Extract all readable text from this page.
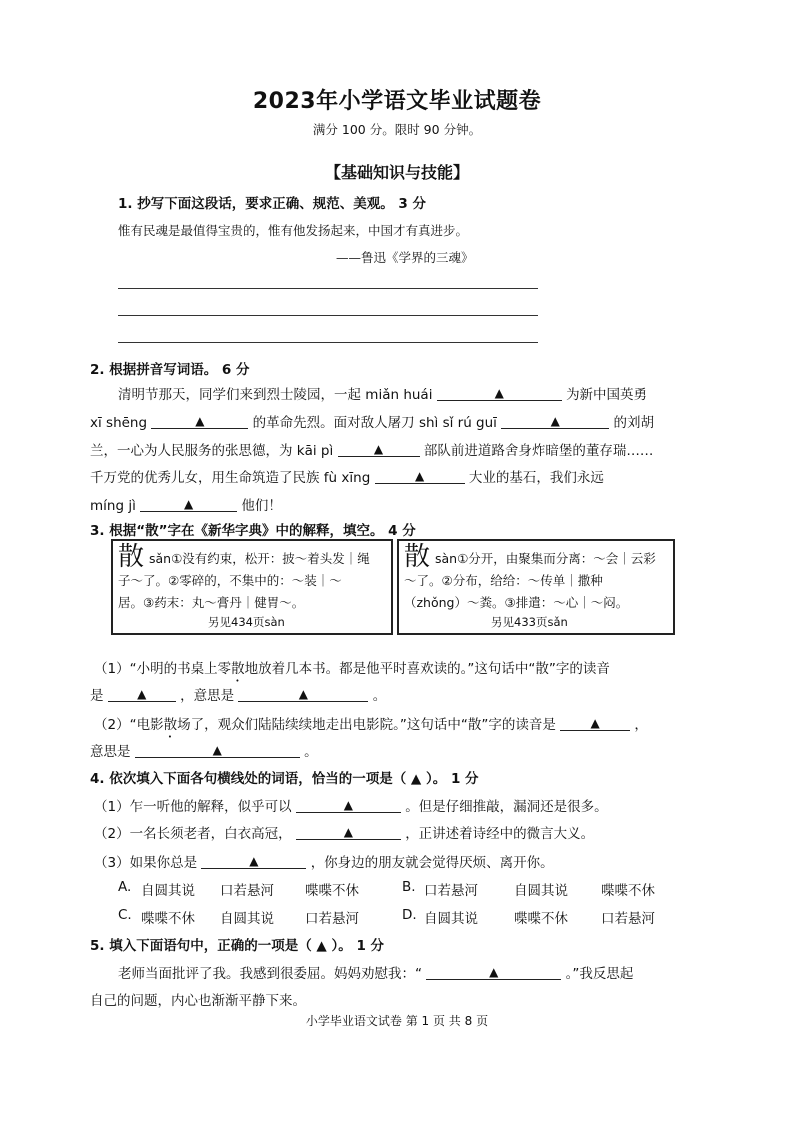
2023年小学语文毕业试题卷
满分 100 分。限时 90 分钟。
【基础知识与技能】
1. 抄写下面这段话，要求正确、规范、美观。 3 分
惟有民魂是最值得宝贵的，惟有他发扬起来，中国才有真进步。
——鲁迅《学界的三魂》
2. 根据拼音写词语。 6 分
清明节那天，同学们来到烈士陵园，一起 miǎn huái	▲	为新中国英勇
xī shēng	▲	的革命先烈。面对敌人屠刀 shì sǐ rú guī	▲	的刘胡
兰，一心为人民服务的张思德，为 kāi pì	▲	部队前进道路舍身炸暗堡的董存瑞……
千万党的优秀儿女，用生命筑造了民族 fù xīng	▲	大业的基石，我们永远
míng jì	▲	他们！
3. 根据“散”字在《新华字典》中的解释，填空。 4 分
散 sǎn①没有约束，松开：披～着头发｜绳
子～了。②零碎的，不集中的：～装｜～
居。③药末：丸～膏丹｜健胃～。
另见434页sàn
散 sàn①分开，由聚集而分离：～会｜云彩
～了。②分布，给给：～传单｜撒种
（zhǒng）～粪。③排遣：～心｜～闷。
另见433页sǎn
（1）“小明的书桌上零散地放着几本书。都是他平时喜欢读的。”这句话中“散”字的读音
是	▲ ，意思是	▲	。
（2）“电影散场了，观众们陆陆续续地走出电影院。”这句话中“散”字的读音是	▲	，
意思是	▲	。
4. 依次填入下面各句横线处的词语，恰当的一项是（ ▲ ）。 1 分
（1）乍一听他的解释，似乎可以	▲	。但是仔细推敲，漏洞还是很多。
（2）一名长须老者，白衣高冠，	▲	，正讲述着诗经中的微言大义。
（3）如果你总是	▲	，你身边的朋友就会觉得厌烦、离开你。
A. 自圆其说 口若悬河 喋喋不休	B. 口若悬河	自圆其说 喋喋不休
C. 喋喋不休 自圆其说 口若悬河	D. 自圆其说	喋喋不休 口若悬河
5. 填入下面语句中，正确的一项是（ ▲ ）。 1 分
老师当面批评了我。我感到很委屈。妈妈劝慰我：“	▲	。”我反思起
自己的问题，内心也渐渐平静下来。
小学毕业语文试卷 第 1 页 共 8 页
